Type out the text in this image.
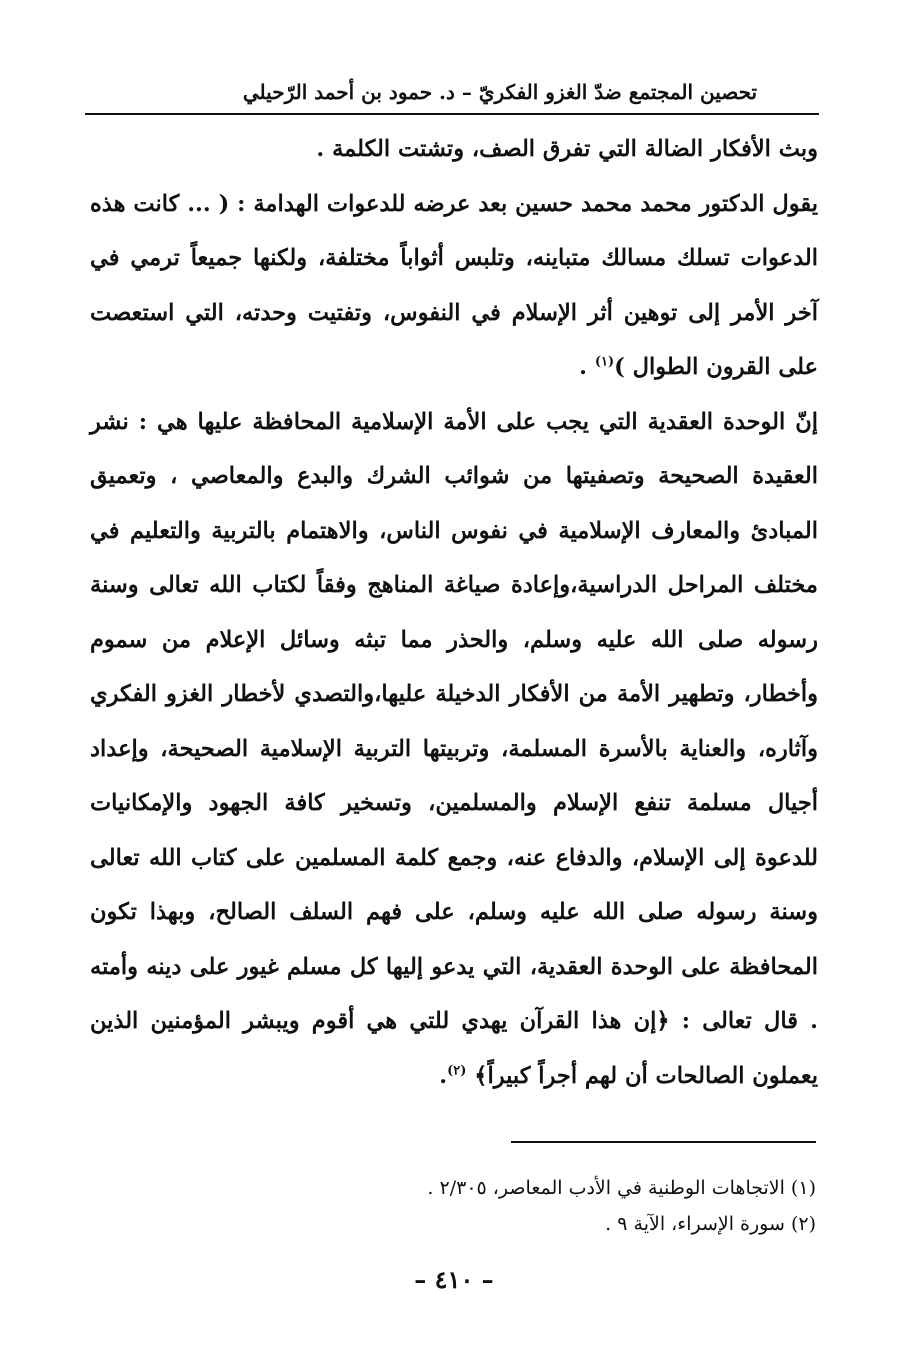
تحصين المجتمع ضدّ الغزو الفكريّ – د. حمود بن أحمد الرّحيلي

وبث الأفكار الضالة التي تفرق الصف، وتشتت الكلمة .

يقول الدكتور محمد محمد حسين بعد عرضه للدعوات الهدامة : ( ... كانت هذه الدعوات تسلك مسالك متباينه، وتلبس أثواباً مختلفة، ولكنها جميعاً ترمي في آخر الأمر إلى توهين أثر الإسلام في النفوس، وتفتيت وحدته، التي استعصت على القرون الطوال )$^{(١)}$ .

إنّ الوحدة العقدية التي يجب على الأمة الإسلامية المحافظة عليها هي : نشر العقيدة الصحيحة وتصفيتها من شوائب الشرك والبدع والمعاصي ، وتعميق المبادئ والمعارف الإسلامية في نفوس الناس، والاهتمام بالتربية والتعليم في مختلف المراحل الدراسية،وإعادة صياغة المناهج وفقاً لكتاب الله تعالى وسنة رسوله صلى الله عليه وسلم، والحذر مما تبثه وسائل الإعلام من سموم وأخطار، وتطهير الأمة من الأفكار الدخيلة عليها،والتصدي لأخطار الغزو الفكري وآثاره، والعناية بالأسرة المسلمة، وتربيتها التربية الإسلامية الصحيحة، وإعداد أجيال مسلمة تنفع الإسلام والمسلمين، وتسخير كافة الجهود والإمكانيات للدعوة إلى الإسلام، والدفاع عنه، وجمع كلمة المسلمين على كتاب الله تعالى وسنة رسوله صلى الله عليه وسلم، على فهم السلف الصالح، وبهذا تكون المحافظة على الوحدة العقدية، التي يدعو إليها كل مسلم غيور على دينه وأمته . قال تعالى : ﴿إن هذا القرآن يهدي للتي هي أقوم ويبشر المؤمنين الذين يعملون الصالحات أن لهم أجراً كبيراً﴾ $^{(٢)}$.

(١) الاتجاهات الوطنية في الأدب المعاصر، ٢/٣٠٥ .

(٢) سورة الإسراء، الآية ٩ .

– ٤١٠ –
